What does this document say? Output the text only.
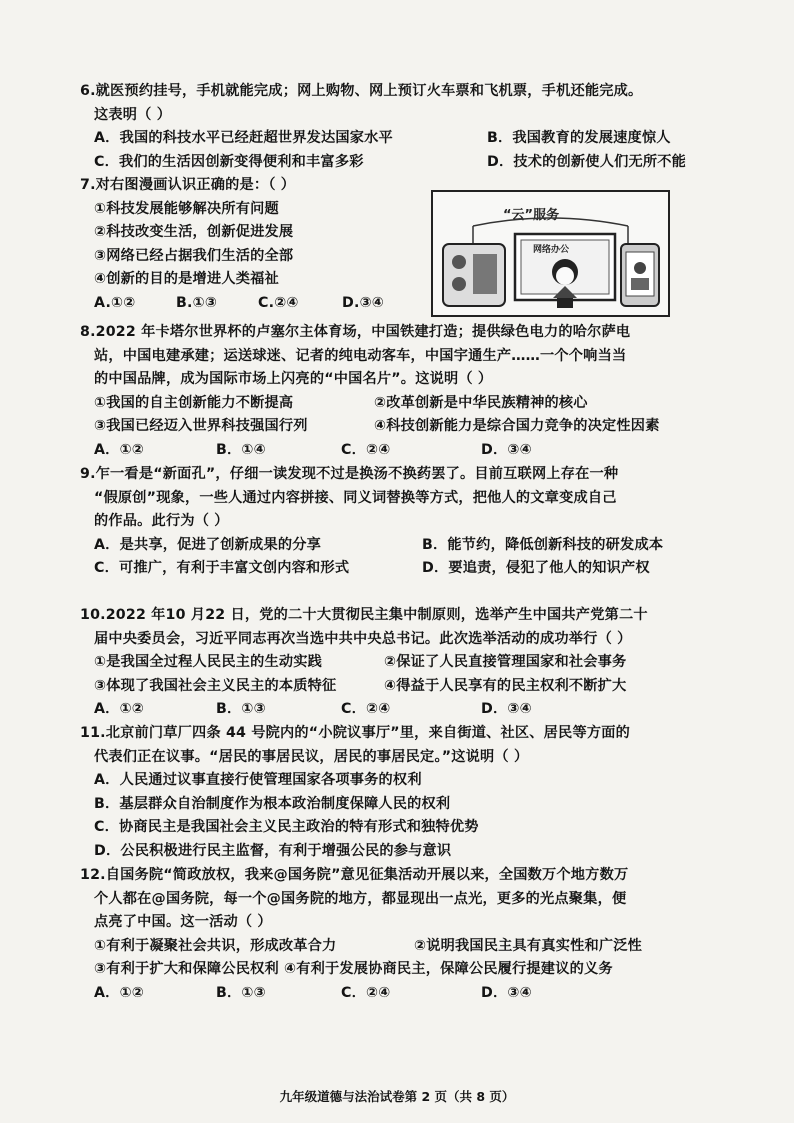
6.就医预约挂号，手机就能完成；网上购物、网上预订火车票和飞机票，手机还能完成。
这表明（ ）
A．我国的科技水平已经赶超世界发达国家水平	B．我国教育的发展速度惊人
C．我们的生活因创新变得便利和丰富多彩	D．技术的创新使人们无所不能
7.对右图漫画认识正确的是：（ ）
①科技发展能够解决所有问题
②科技改变生活，创新促进发展
③网络已经占据我们生活的全部
④创新的目的是增进人类福祉
A.①②	B.①③	C.②④	D.③④
“云”服务
网络办公
8.2022 年卡塔尔世界杯的卢塞尔主体育场，中国铁建打造；提供绿色电力的哈尔萨电
站，中国电建承建；运送球迷、记者的纯电动客车，中国宇通生产……一个个响当当
的中国品牌，成为国际市场上闪亮的“中国名片”。这说明（ ）
①我国的自主创新能力不断提高	②改革创新是中华民族精神的核心
③我国已经迈入世界科技强国行列	④科技创新能力是综合国力竞争的决定性因素
A．①②	B．①④	C．②④	D．③④
9.乍一看是“新面孔”，仔细一读发现不过是换汤不换药罢了。目前互联网上存在一种
“假原创”现象，一些人通过内容拼接、同义词替换等方式，把他人的文章变成自己
的作品。此行为（ ）
A．是共享，促进了创新成果的分享	B．能节约，降低创新科技的研发成本
C．可推广，有利于丰富文创内容和形式	D．要追责，侵犯了他人的知识产权
10.2022 年10 月22 日，党的二十大贯彻民主集中制原则，选举产生中国共产党第二十
届中央委员会，习近平同志再次当选中共中央总书记。此次选举活动的成功举行（ ）
①是我国全过程人民民主的生动实践	②保证了人民直接管理国家和社会事务
③体现了我国社会主义民主的本质特征	④得益于人民享有的民主权利不断扩大
A．①②	B．①③	C．②④	D．③④
11.北京前门草厂四条 44 号院内的“小院议事厅”里，来自街道、社区、居民等方面的
代表们正在议事。“居民的事居民议，居民的事居民定。”这说明（ ）
A．人民通过议事直接行使管理国家各项事务的权利
B．基层群众自治制度作为根本政治制度保障人民的权利
C．协商民主是我国社会主义民主政治的特有形式和独特优势
D．公民积极进行民主监督，有利于增强公民的参与意识
12.自国务院“简政放权，我来@国务院”意见征集活动开展以来，全国数万个地方数万
个人都在@国务院，每一个@国务院的地方，都显现出一点光，更多的光点聚集，便
点亮了中国。这一活动（ ）
①有利于凝聚社会共识，形成改革合力	②说明我国民主具有真实性和广泛性
③有利于扩大和保障公民权利 ④有利于发展协商民主，保障公民履行提建议的义务
A．①②	B．①③	C．②④	D．③④
九年级道德与法治试卷第 2 页（共 8 页）
